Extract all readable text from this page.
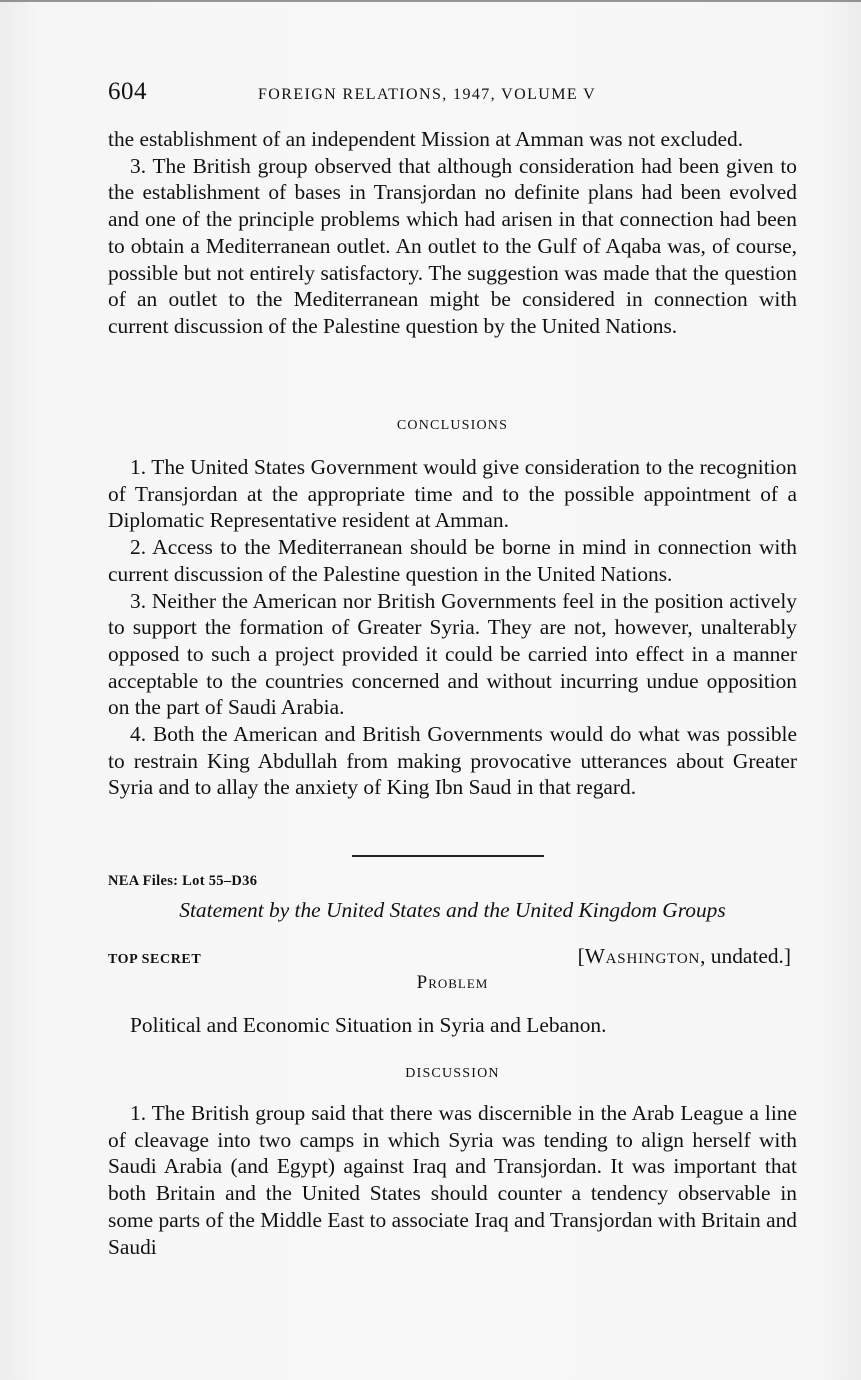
604	FOREIGN RELATIONS, 1947, VOLUME V

the establishment of an independent Mission at Amman was not excluded.

3. The British group observed that although consideration had been given to the establishment of bases in Transjordan no definite plans had been evolved and one of the principle problems which had arisen in that connection had been to obtain a Mediterranean outlet. An outlet to the Gulf of Aqaba was, of course, possible but not entirely satisfactory. The suggestion was made that the question of an outlet to the Mediterranean might be considered in connection with current discussion of the Palestine question by the United Nations.

CONCLUSIONS

1. The United States Government would give consideration to the recognition of Transjordan at the appropriate time and to the possible appointment of a Diplomatic Representative resident at Amman.

2. Access to the Mediterranean should be borne in mind in connection with current discussion of the Palestine question in the United Nations.

3. Neither the American nor British Governments feel in the position actively to support the formation of Greater Syria. They are not, however, unalterably opposed to such a project provided it could be carried into effect in a manner acceptable to the countries concerned and without incurring undue opposition on the part of Saudi Arabia.

4. Both the American and British Governments would do what was possible to restrain King Abdullah from making provocative utterances about Greater Syria and to allay the anxiety of King Ibn Saud in that regard.

NEA Files: Lot 55–D36
Statement by the United States and the United Kingdom Groups
TOP SECRET	[Washington, undated.]
Problem

Political and Economic Situation in Syria and Lebanon.

DISCUSSION

1. The British group said that there was discernible in the Arab League a line of cleavage into two camps in which Syria was tending to align herself with Saudi Arabia (and Egypt) against Iraq and Transjordan. It was important that both Britain and the United States should counter a tendency observable in some parts of the Middle East to associate Iraq and Transjordan with Britain and Saudi
